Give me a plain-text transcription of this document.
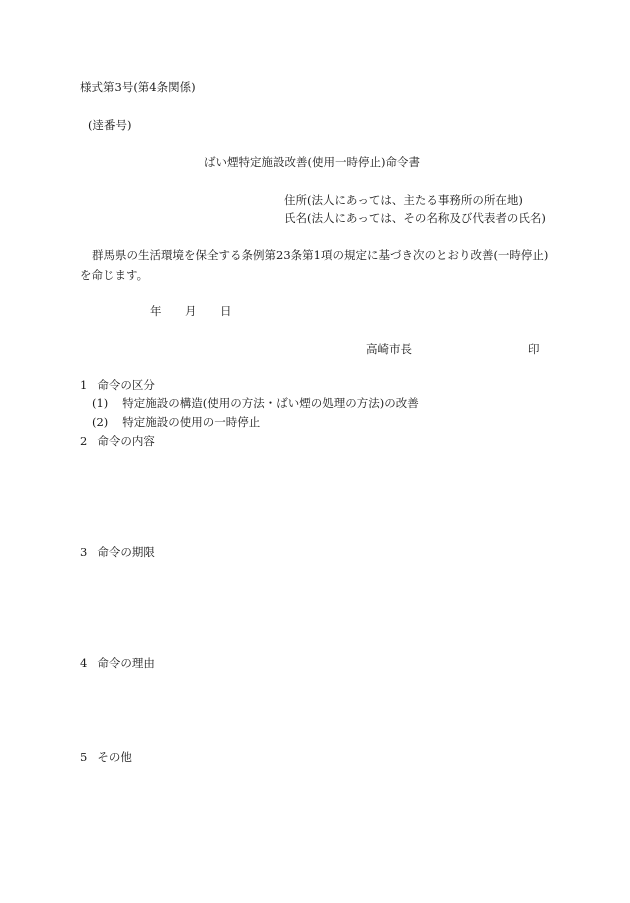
様式第3号(第4条関係)
(逹番号)
ばい煙特定施設改善(使用一時停止)命令書
住所(法人にあっては、主たる事務所の所在地)
氏名(法人にあっては、その名称及び代表者の氏名)
群馬県の生活環境を保全する条例第23条第1項の規定に基づき次のとおり改善(一時停止)を命じます。
年 月 日
高崎市長	印
1 命令の区分
(1) 特定施設の構造(使用の方法・ばい煙の処理の方法)の改善
(2) 特定施設の使用の一時停止
2 命令の内容
3 命令の期限
4 命令の理由
5 その他
